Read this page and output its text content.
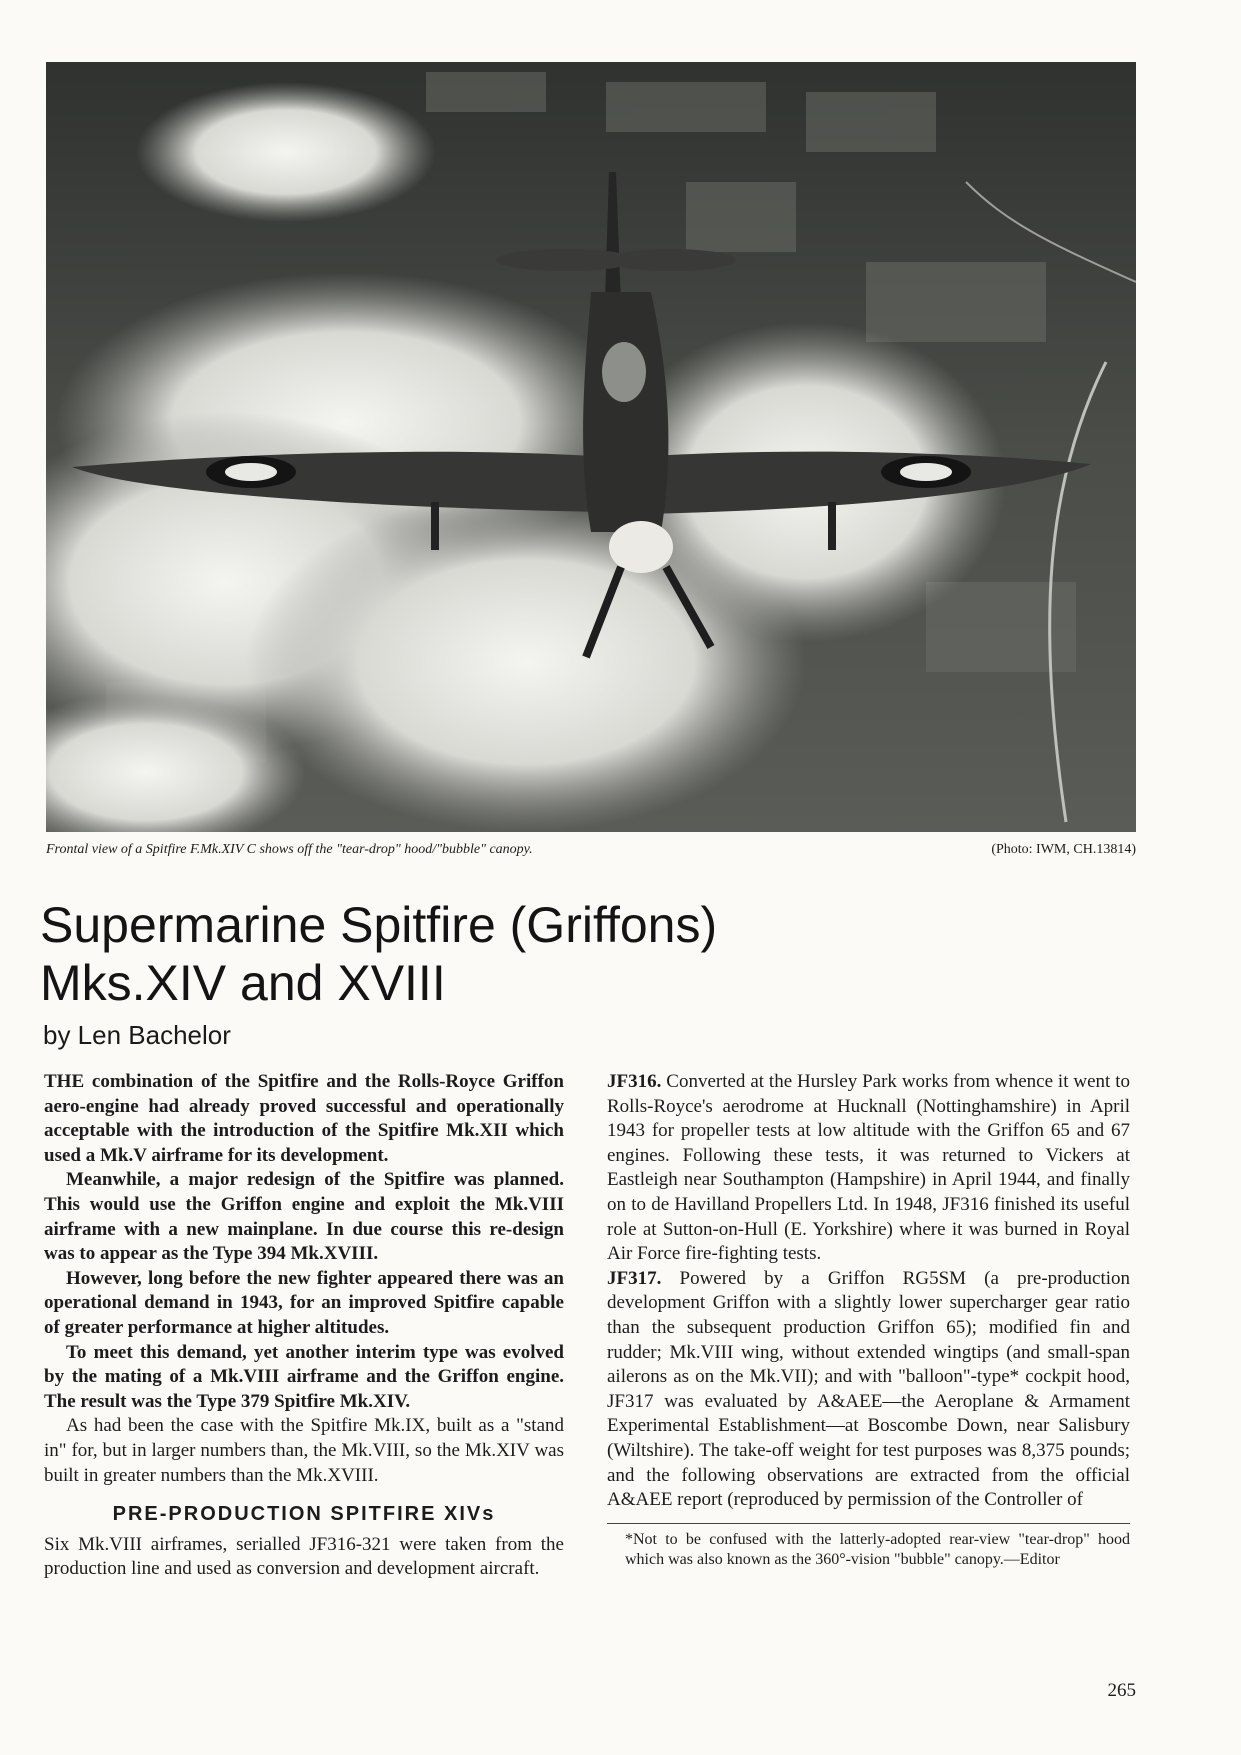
Frontal view of a Spitfire F.Mk.XIV C shows off the "tear-drop" hood/"bubble" canopy.	(Photo: IWM, CH.13814)
Supermarine Spitfire (Griffons)
Mks.XIV and XVIII
by Len Bachelor

THE combination of the Spitfire and the Rolls-Royce Griffon aero-engine had already proved successful and operationally acceptable with the introduction of the Spitfire Mk.XII which used a Mk.V airframe for its development.

Meanwhile, a major redesign of the Spitfire was planned. This would use the Griffon engine and exploit the Mk.VIII airframe with a new mainplane. In due course this re-design was to appear as the Type 394 Mk.XVIII.

However, long before the new fighter appeared there was an operational demand in 1943, for an improved Spitfire capable of greater performance at higher altitudes.

To meet this demand, yet another interim type was evolved by the mating of a Mk.VIII airframe and the Griffon engine. The result was the Type 379 Spitfire Mk.XIV.

As had been the case with the Spitfire Mk.IX, built as a "stand in" for, but in larger numbers than, the Mk.VIII, so the Mk.XIV was built in greater numbers than the Mk.XVIII.

PRE-PRODUCTION SPITFIRE XIVs

Six Mk.VIII airframes, serialled JF316-321 were taken from the production line and used as conversion and development aircraft.

JF316. Converted at the Hursley Park works from whence it went to Rolls-Royce's aerodrome at Hucknall (Nottinghamshire) in April 1943 for propeller tests at low altitude with the Griffon 65 and 67 engines. Following these tests, it was returned to Vickers at Eastleigh near Southampton (Hampshire) in April 1944, and finally on to de Havilland Propellers Ltd. In 1948, JF316 finished its useful role at Sutton-on-Hull (E. Yorkshire) where it was burned in Royal Air Force fire-fighting tests.

JF317. Powered by a Griffon RG5SM (a pre-production development Griffon with a slightly lower supercharger gear ratio than the subsequent production Griffon 65); modified fin and rudder; Mk.VIII wing, without extended wingtips (and small-span ailerons as on the Mk.VII); and with "balloon"-type* cockpit hood, JF317 was evaluated by A&AEE—the Aeroplane & Armament Experimental Establishment—at Boscombe Down, near Salisbury (Wiltshire). The take-off weight for test purposes was 8,375 pounds; and the following observations are extracted from the official A&AEE report (reproduced by permission of the Controller of

*Not to be confused with the latterly-adopted rear-view "tear-drop" hood which was also known as the 360°-vision "bubble" canopy.—Editor
265
